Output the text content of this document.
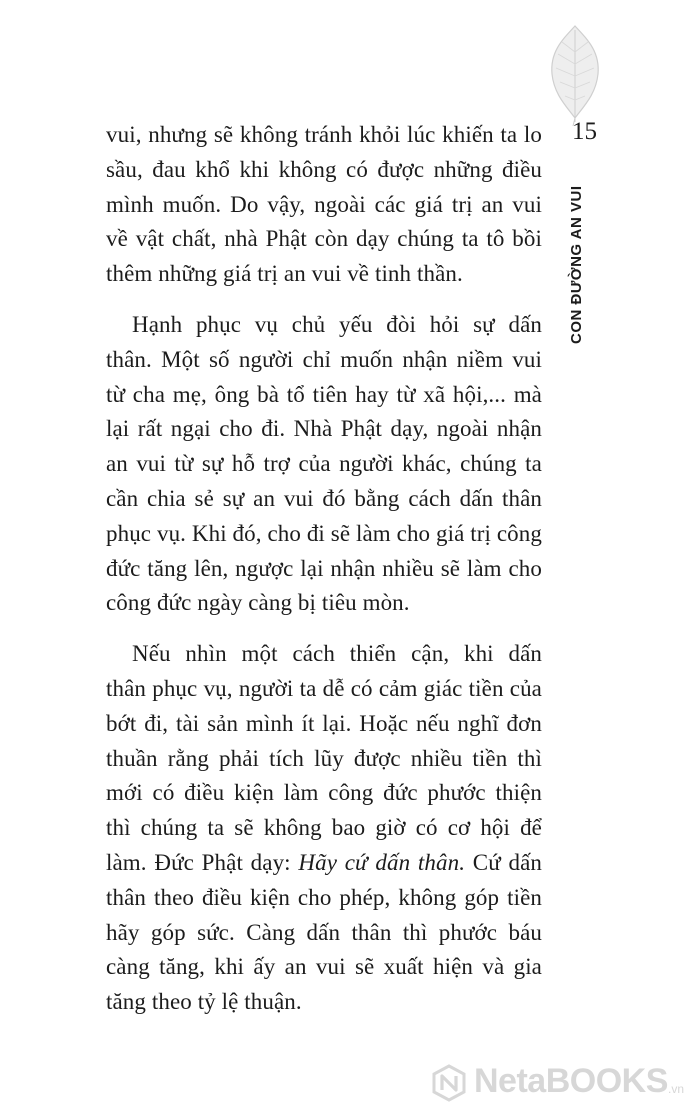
15
CON ĐƯỜNG AN VUI

vui, nhưng sẽ không tránh khỏi lúc khiến ta lo
sầu, đau khổ khi không có được những điều
mình muốn. Do vậy, ngoài các giá trị an vui
về vật chất, nhà Phật còn dạy chúng ta tô bồi
thêm những giá trị an vui về tinh thần.

Hạnh phục vụ chủ yếu đòi hỏi sự dấn
thân. Một số người chỉ muốn nhận niềm vui
từ cha mẹ, ông bà tổ tiên hay từ xã hội,... mà
lại rất ngại cho đi. Nhà Phật dạy, ngoài nhận
an vui từ sự hỗ trợ của người khác, chúng ta
cần chia sẻ sự an vui đó bằng cách dấn thân
phục vụ. Khi đó, cho đi sẽ làm cho giá trị công
đức tăng lên, ngược lại nhận nhiều sẽ làm cho
công đức ngày càng bị tiêu mòn.

Nếu nhìn một cách thiển cận, khi dấn
thân phục vụ, người ta dễ có cảm giác tiền của
bớt đi, tài sản mình ít lại. Hoặc nếu nghĩ đơn
thuần rằng phải tích lũy được nhiều tiền thì
mới có điều kiện làm công đức phước thiện
thì chúng ta sẽ không bao giờ có cơ hội để
làm. Đức Phật dạy: Hãy cứ dấn thân. Cứ dấn
thân theo điều kiện cho phép, không góp tiền
hãy góp sức. Càng dấn thân thì phước báu
càng tăng, khi ấy an vui sẽ xuất hiện và gia
tăng theo tỷ lệ thuận.

NetaBOOKS .vn
